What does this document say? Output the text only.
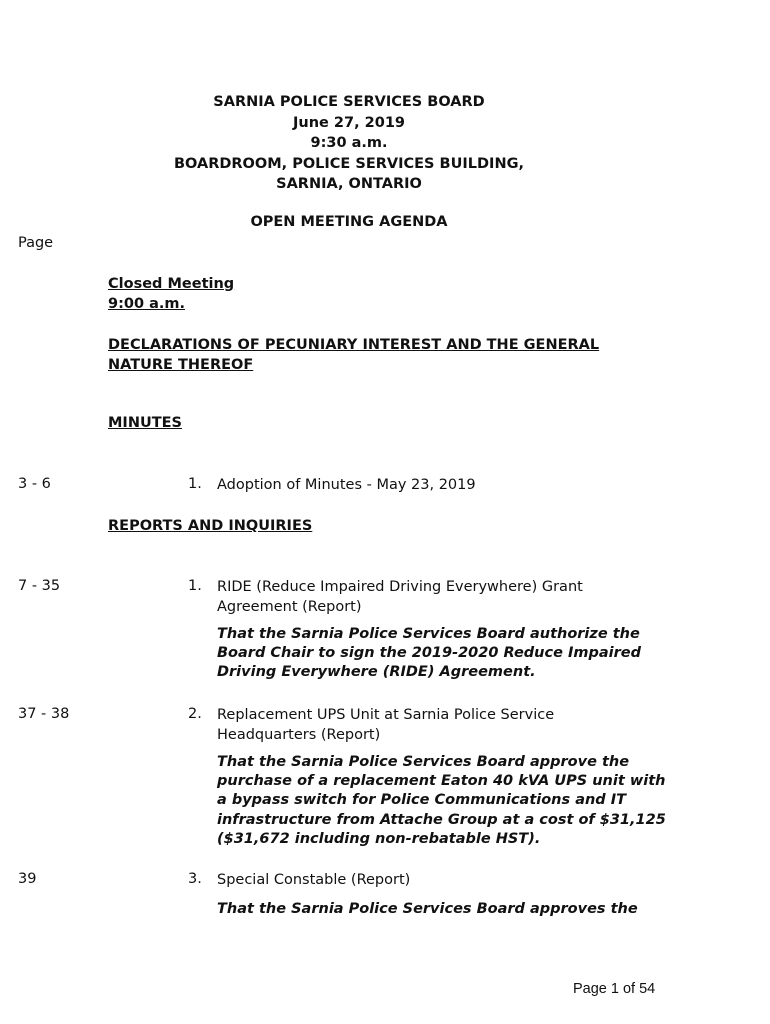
SARNIA POLICE SERVICES BOARD
June 27, 2019
9:30 a.m.
BOARDROOM, POLICE SERVICES BUILDING,
SARNIA, ONTARIO
OPEN MEETING AGENDA
Page
Closed Meeting
9:00 a.m.
DECLARATIONS OF PECUNIARY INTEREST AND THE GENERAL NATURE THEREOF
MINUTES
3 - 6	1. Adoption of Minutes - May 23, 2019
REPORTS AND INQUIRIES
7 - 35	1. RIDE (Reduce Impaired Driving Everywhere) Grant Agreement (Report)
That the Sarnia Police Services Board authorize the Board Chair to sign the 2019-2020 Reduce Impaired Driving Everywhere (RIDE) Agreement.
37 - 38	2. Replacement UPS Unit at Sarnia Police Service Headquarters (Report)
That the Sarnia Police Services Board approve the purchase of a replacement Eaton 40 kVA UPS unit with a bypass switch for Police Communications and IT infrastructure from Attache Group at a cost of $31,125 ($31,672 including non-rebatable HST).
39	3. Special Constable (Report)
That the Sarnia Police Services Board approves the
Page 1 of 54
